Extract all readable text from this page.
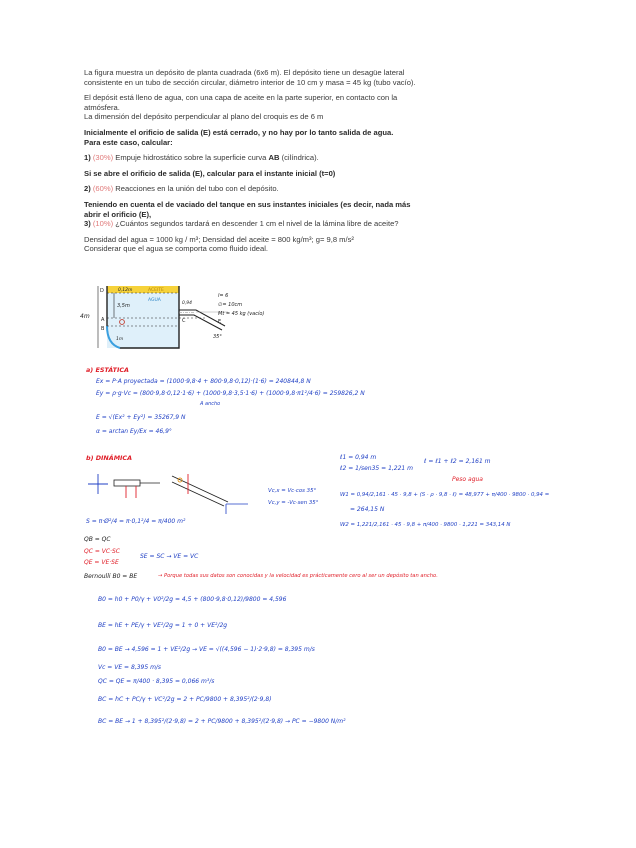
La figura muestra un depósito de planta cuadrada (6x6 m). El depósito tiene un desagüe lateral

consistente en un tubo de sección circular, diámetro interior de 10 cm y masa = 45 kg (tubo vacío).

El depósit está lleno de agua, con una capa de aceite en la parte superior, en contacto con la

atmósfera.

La dimensión del depósito perpendicular al plano del croquis es de 6 m

Inicialmente el orificio de salida (E) está cerrado, y no hay por lo tanto salida de agua.

Para este caso, calcular:

1) (30%) Empuje hidrostático sobre la superficie curva AB (cilíndrica).

Si se abre el orificio de salida (E), calcular para el instante inicial (t=0)

2) (60%) Reacciones en la unión del tubo con el depósito.

Teniendo en cuenta el de vaciado del tanque en sus instantes iniciales (es decir, nada más

abrir el orificio (E),

3) (10%) ¿Cuántos segundos tardará en descender 1 cm el nivel de la lámina libre de aceite?

Densidad del agua = 1000 kg / m³; Densidad del aceite = 800 kg/m³; g= 9,8 m/s²

Considerar que el agua se comporta como fluido ideal.

4m
0,12m	ACEITE
AGUA
3,5m
1m
0,94
35°
D
A
B
C	E
l= 6
∅= 10cm
Mt = 45 kg (vacío)
a) ESTÁTICA
Ex = P·A proyectada = (1000·9,8·4 + 800·9,8·0,12)·(1·6) = 240844,8 N
Ey = ρ·g·Vc = (800·9,8·0,12·1·6) + (1000·9,8·3,5·1·6) + (1000·9,8·π1²/4·6) = 259826,2 N
A ancho
E = √(Ex² + Ey²) = 35267,9 N
α = arctan Ey/Ex = 46,9°
b) DINÁMICA
Vc,x = Vc·cos 35°
Vc,y = -Vc·sen 35°
ℓ1 = 0,94 m
ℓ2 = 1/sen35 = 1,221 m
ℓ = ℓ1 + ℓ2 = 2,161 m
Peso agua
W1 = 0,94/2,161 · 45 · 9,8 + (S · ρ · 9,8 · ℓ) = 48,977 + π/400 · 9800 · 0,94 =
= 264,15 N
W2 = 1,221/2,161 · 45 · 9,8 + π/400 · 9800 · 1,221 = 343,14 N
S = π·Ø²/4 = π·0,1²/4 = π/400 m²
QB = QC
QC = VC·SC
QE = VE·SE
SE = SC → VE = VC
Bernoulli B0 = BE	→ Porque todas sus datos son conocidas y la velocidad es prácticamente cero al ser un depósito tan ancho.
B0 = h0 + P0/γ + V0²/2g = 4,5 + (800·9,8·0,12)/9800 = 4,596
BE = hE + PE/γ + VE²/2g = 1 + 0 + VE²/2g
B0 = BE → 4,596 = 1 + VE²/2g → VE = √((4,596 − 1)·2·9,8) = 8,395 m/s
Vc = VE = 8,395 m/s
QC = QE = π/400 · 8,395 = 0,066 m³/s
BC = hC + PC/γ + VC²/2g = 2 + PC/9800 + 8,395²/(2·9,8)
BC = BE → 1 + 8,395²/(2·9,8) = 2 + PC/9800 + 8,395²/(2·9,8) → PC = −9800 N/m²
